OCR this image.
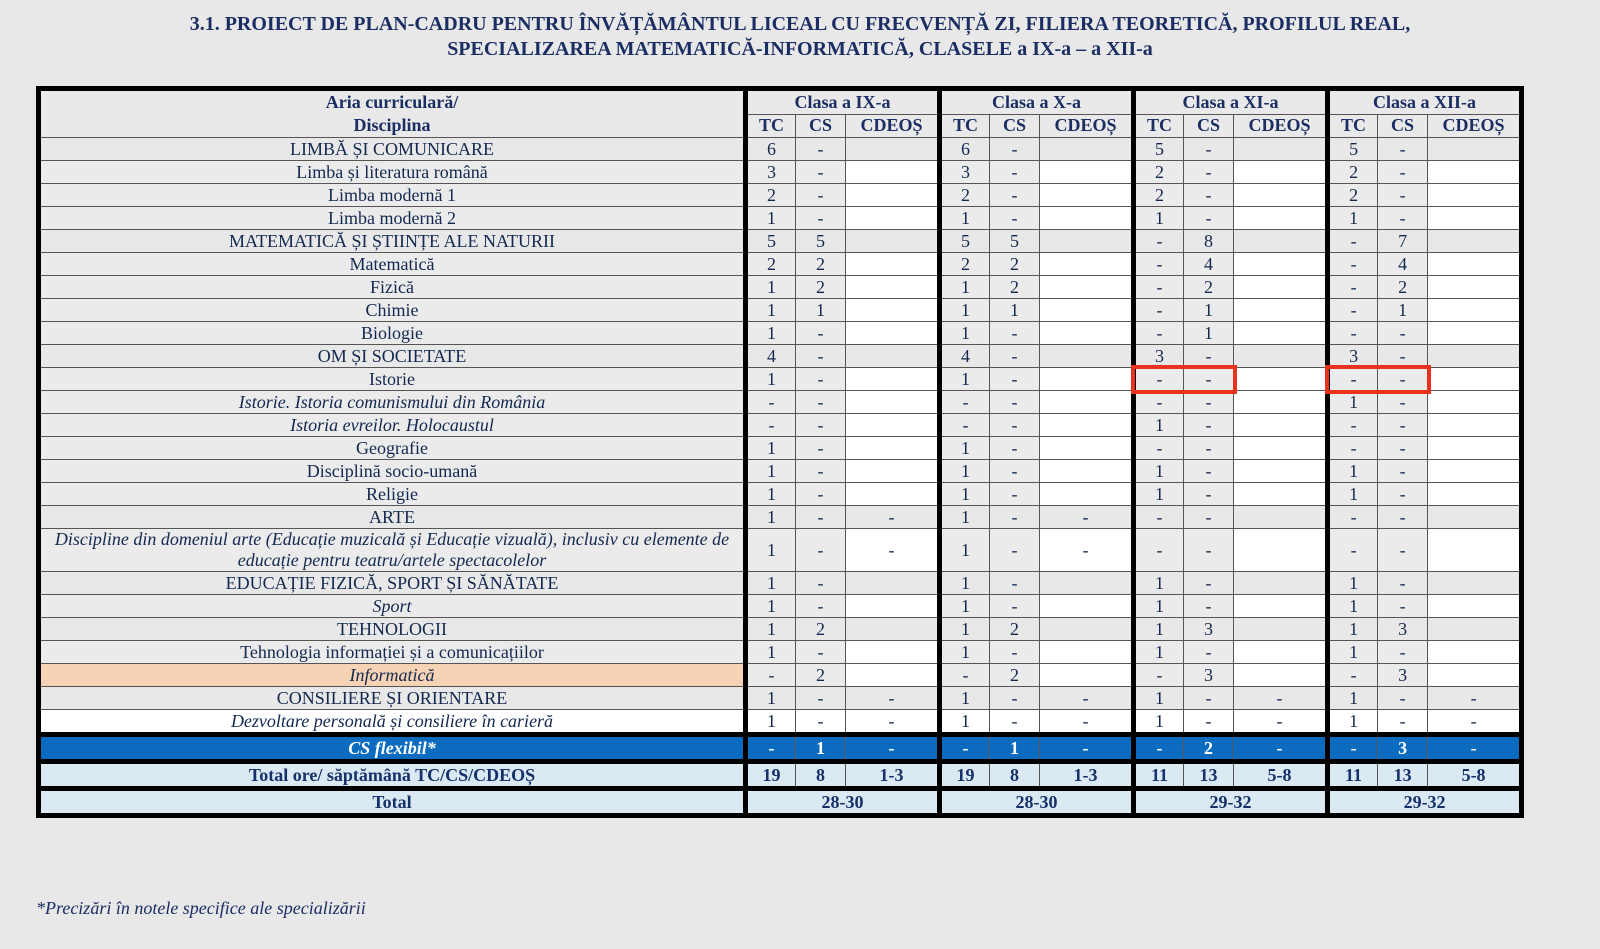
3.1. PROIECT DE PLAN-CADRU PENTRU ÎNVĂȚĂMÂNTUL LICEAL CU FRECVENȚĂ ZI, FILIERA TEORETICĂ, PROFILUL REAL,
SPECIALIZAREA MATEMATICĂ-INFORMATICĂ, CLASELE a IX-a – a XII-a
Aria curriculară/
Disciplina	Clasa a IX-a			Clasa a X-a			Clasa a XI-a			Clasa a XII-a		
	TC	CS	CDEOȘ	TC	CS	CDEOȘ	TC	CS	CDEOȘ	TC	CS	CDEOȘ
LIMBĂ ȘI COMUNICARE	6	-		6	-		5	-		5	-	
Limba și literatura română	3	-		3	-		2	-		2	-	
Limba modernă 1	2	-		2	-		2	-		2	-	
Limba modernă 2	1	-		1	-		1	-		1	-	
MATEMATICĂ ȘI ȘTIINȚE ALE NATURII	5	5		5	5		-	8		-	7	
Matematică	2	2		2	2		-	4		-	4	
Fizică	1	2		1	2		-	2		-	2	
Chimie	1	1		1	1		-	1		-	1	
Biologie	1	-		1	-		-	1		-	-	
OM ȘI SOCIETATE	4	-		4	-		3	-		3	-	
Istorie	1	-		1	-		-	-		-	-	
Istorie. Istoria comunismului din România	-	-		-	-		-	-		1	-	
Istoria evreilor. Holocaustul	-	-		-	-		1	-		-	-	
Geografie	1	-		1	-		-	-		-	-	
Disciplină socio-umană	1	-		1	-		1	-		1	-	
Religie	1	-		1	-		1	-		1	-	
ARTE	1	-	-	1	-	-	-	-		-	-	
Discipline din domeniul arte (Educație muzicală și Educație vizuală), inclusiv cu elemente de educație pentru teatru/artele spectacolelor	1	-	-	1	-	-	-	-		-	-	
EDUCAȚIE FIZICĂ, SPORT ȘI SĂNĂTATE	1	-		1	-		1	-		1	-	
Sport	1	-		1	-		1	-		1	-	
TEHNOLOGII	1	2		1	2		1	3		1	3	
Tehnologia informației și a comunicațiilor	1	-		1	-		1	-		1	-	
Informatică	-	2		-	2		-	3		-	3	
CONSILIERE ȘI ORIENTARE	1	-	-	1	-	-	1	-	-	1	-	-
Dezvoltare personală și consiliere în carieră	1	-	-	1	-	-	1	-	-	1	-	-
CS flexibil*	-	1	-	-	1	-	-	2	-	-	3	-
Total ore/ săptămână TC/CS/CDEOȘ	19	8	1-3	19	8	1-3	11	13	5-8	11	13	5-8
Total	28-30			28-30			29-32			29-32		
*Precizări în notele specifice ale specializării
